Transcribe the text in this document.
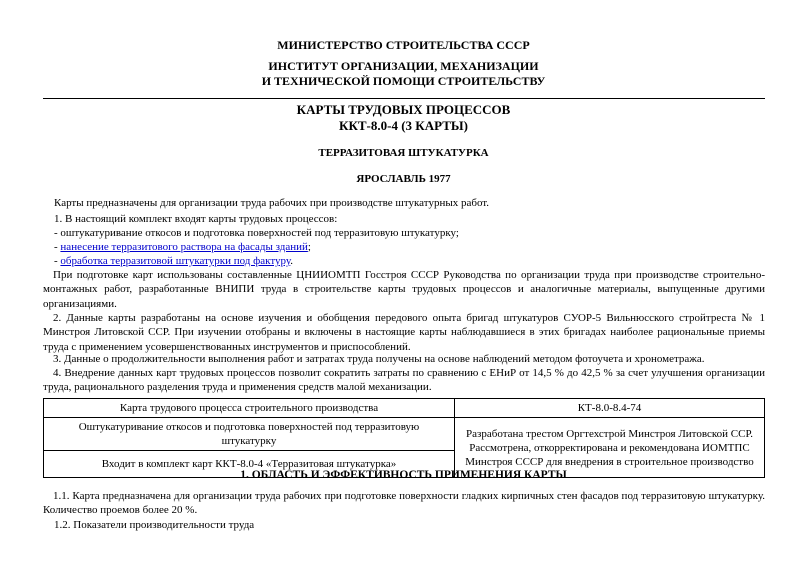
МИНИСТЕРСТВО СТРОИТЕЛЬСТВА СССР
ИНСТИТУТ ОРГАНИЗАЦИИ, МЕХАНИЗАЦИИ
И ТЕХНИЧЕСКОЙ ПОМОЩИ СТРОИТЕЛЬСТВУ
КАРТЫ ТРУДОВЫХ ПРОЦЕССОВ
ККТ-8.0-4 (3 КАРТЫ)
ТЕРРАЗИТОВАЯ ШТУКАТУРКА
ЯРОСЛАВЛЬ 1977
Карты предназначены для организации труда рабочих при производстве штукатурных работ.
1. В настоящий комплект входят карты трудовых процессов:
- оштукатуривание откосов и подготовка поверхностей под терразитовую штукатурку;
- нанесение терразитового раствора на фасады зданий;
- обработка терразитовой штукатурки под фактуру.
При подготовке карт использованы составленные ЦНИИОМТП Госстроя СССР Руководства по организации труда при производстве строительно-монтажных работ, разработанные ВНИПИ труда в строительстве карты трудовых процессов и аналогичные материалы, выпущенные другими организациями.
2. Данные карты разработаны на основе изучения и обобщения передового опыта бригад штукатуров СУОР-5 Вильнюсского стройтреста № 1 Минстроя Литовской ССР. При изучении отобраны и включены в настоящие карты наблюдавшиеся в этих бригадах наиболее рациональные приемы труда с применением усовершенствованных инструментов и приспособлений.
3. Данные о продолжительности выполнения работ и затратах труда получены на основе наблюдений методом фотоучета и хронометража.
4. Внедрение данных карт трудовых процессов позволит сократить затраты по сравнению с ЕНиР от 14,5 % до 42,5 % за счет улучшения организации труда, рационального разделения труда и применения средств малой механизации.
Карта трудового процесса строительного производства	КТ-8.0-8.4-74
Оштукатуривание откосов и подготовка поверхностей под терразитовую штукатурку	Разработана трестом Оргтехстрой Минстроя Литовской ССР.
Рассмотрена, откорректирована и рекомендована ИОМТПС
Минстроя СССР для внедрения в строительное производство

Входит в комплект карт ККТ-8.0-4 «Терразитовая штукатурка»	
1. ОБЛАСТЬ И ЭФФЕКТИВНОСТЬ ПРИМЕНЕНИЯ КАРТЫ
1.1. Карта предназначена для организации труда рабочих при подготовке поверхности гладких кирпичных стен фасадов под терразитовую штукатурку. Количество проемов более 20 %.
1.2. Показатели производительности труда
